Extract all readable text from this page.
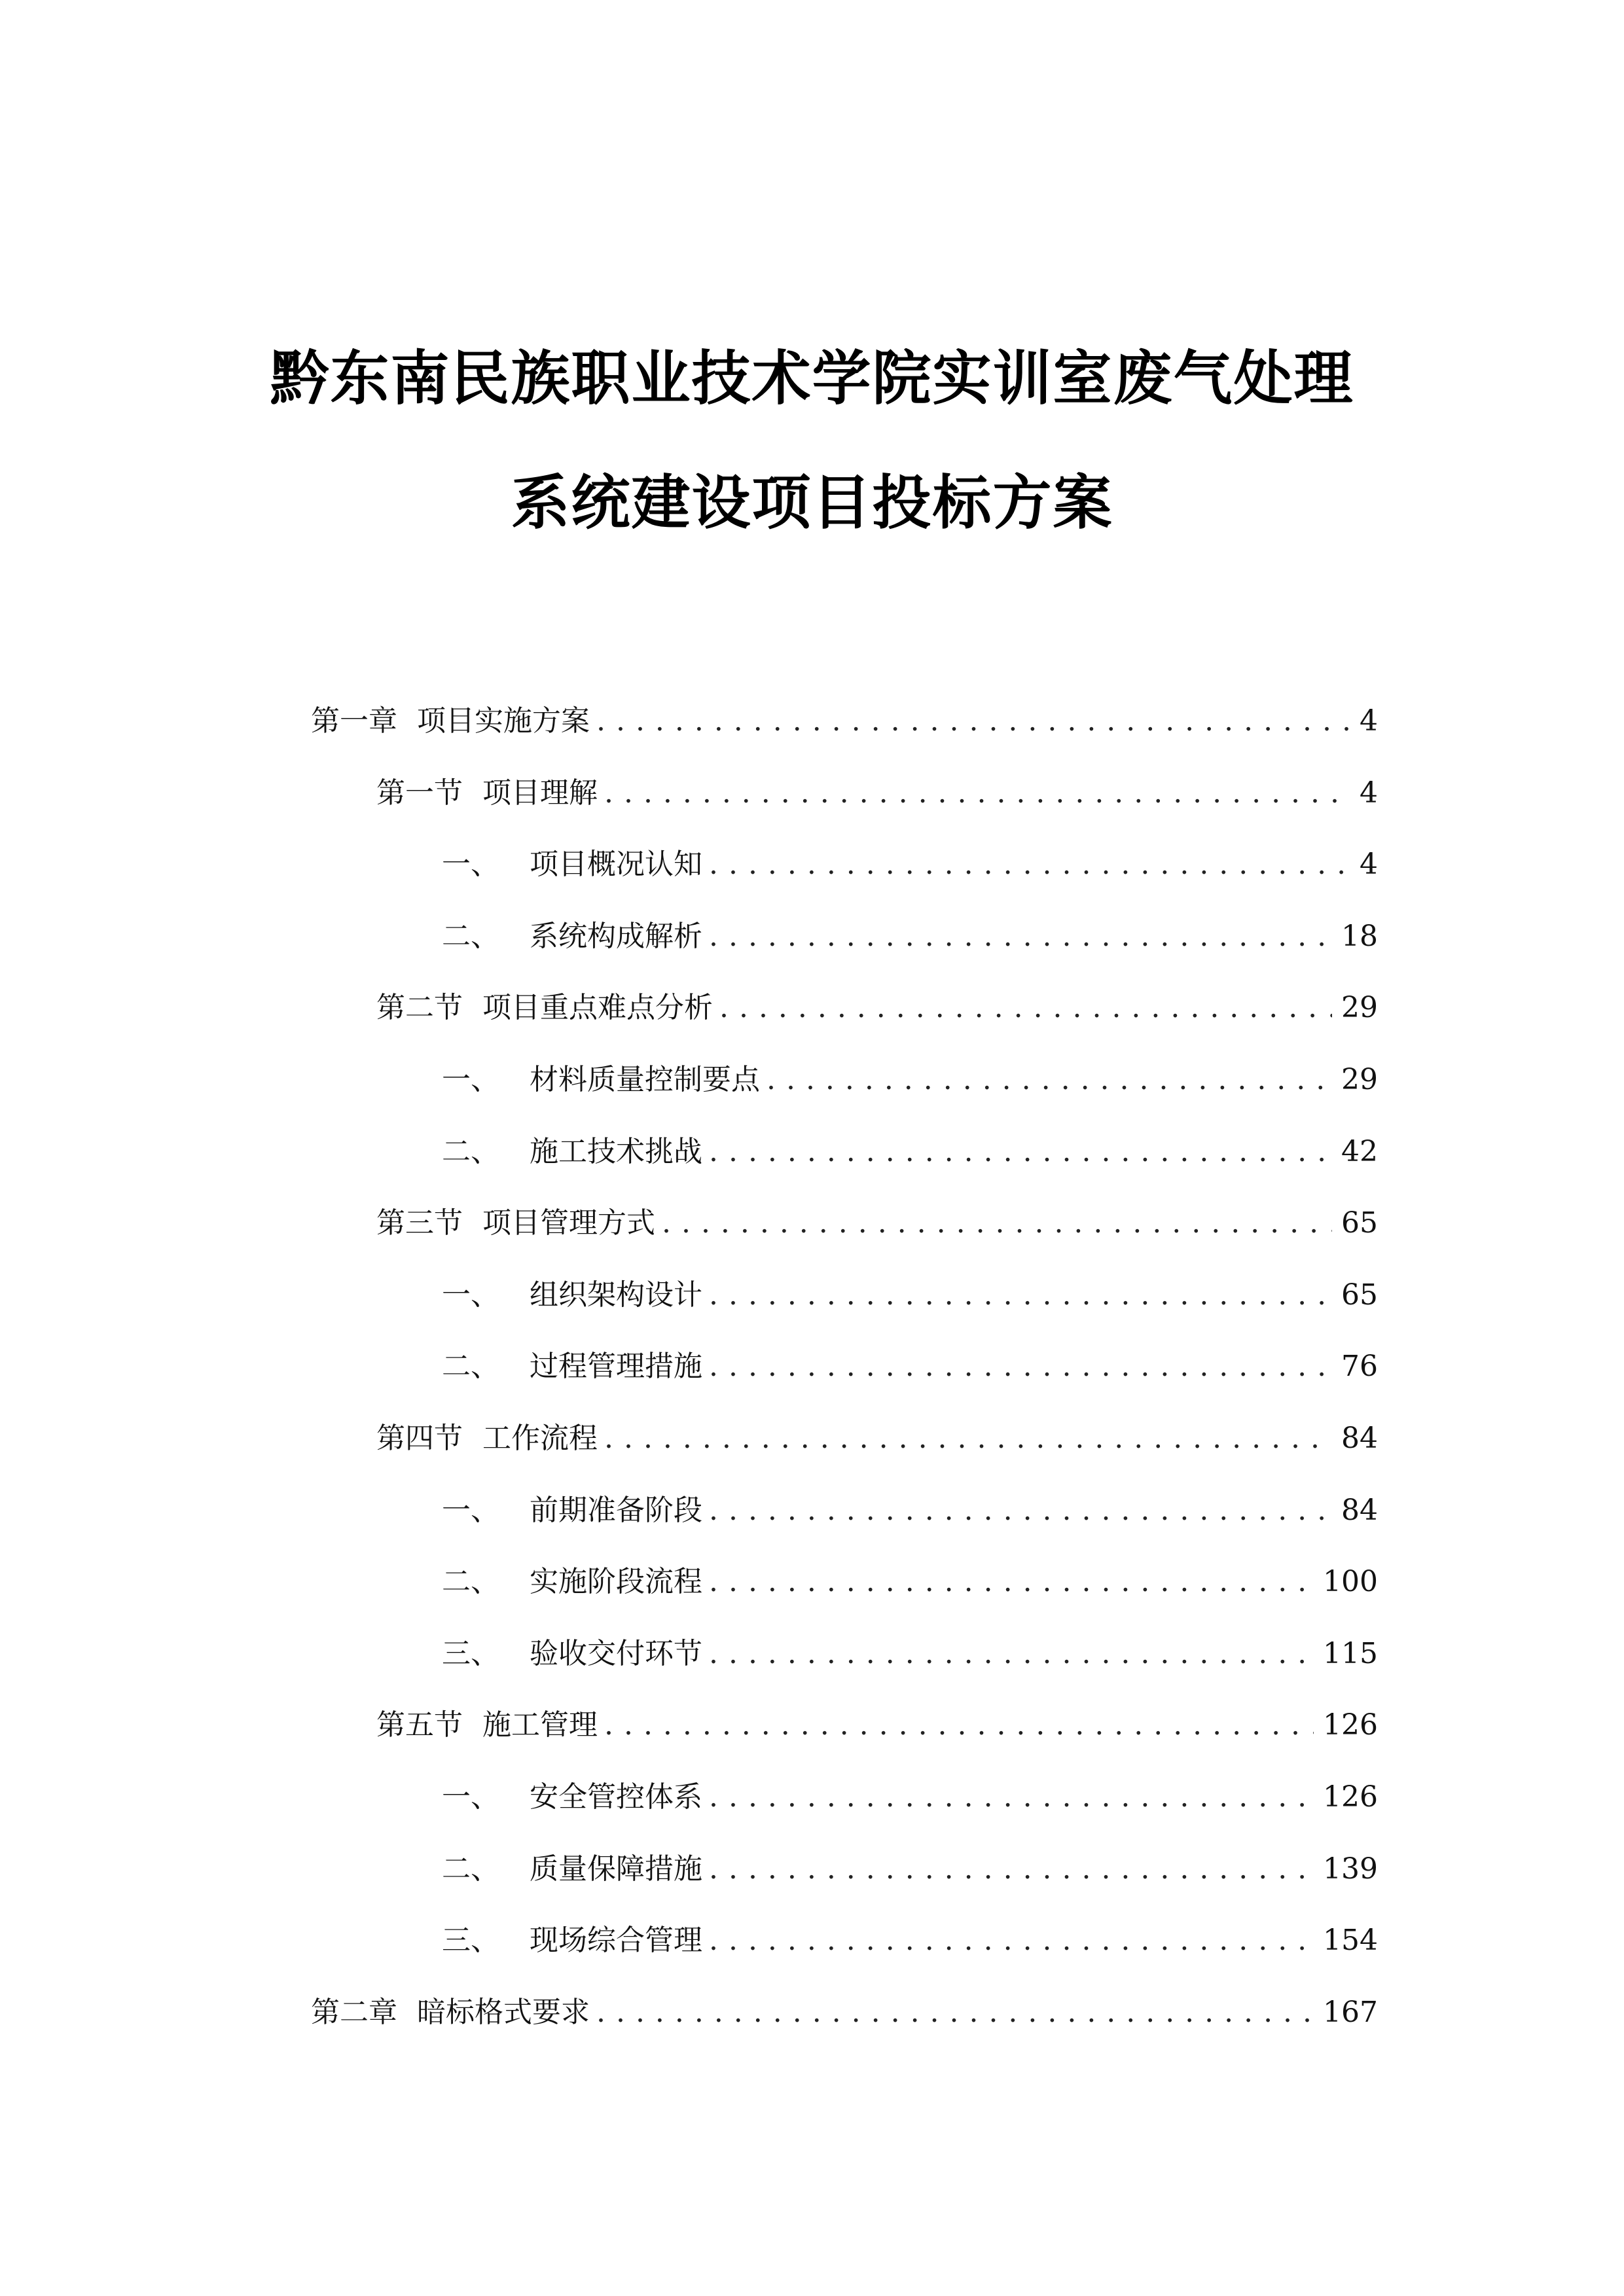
黔东南民族职业技术学院实训室废气处理
系统建设项目投标方案
第一章 项目实施方案 . . .	4
第一节 项目理解 . . .	4
一、 项目概况认知 . . .	4
二、 系统构成解析 . . .	18
第二节 项目重点难点分析 . . .	29
一、 材料质量控制要点 . . .	29
二、 施工技术挑战 . . .	42
第三节 项目管理方式 . . .	65
一、 组织架构设计 . . .	65
二、 过程管理措施 . . .	76
第四节 工作流程 . . .	84
一、 前期准备阶段 . . .	84
二、 实施阶段流程 . . .	100
三、 验收交付环节 . . .	115
第五节 施工管理 . . .	126
一、 安全管控体系 . . .	126
二、 质量保障措施 . . .	139
三、 现场综合管理 . . .	154
第二章 暗标格式要求 . . .	167
